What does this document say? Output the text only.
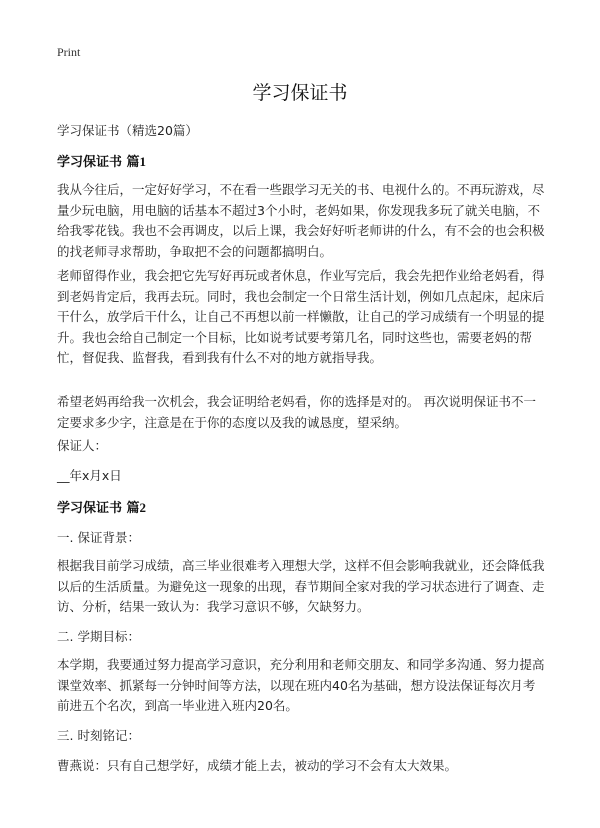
Print
学习保证书
学习保证书（精选20篇）
学习保证书 篇1

我从今往后，一定好好学习，不在看一些跟学习无关的书、电视什么的。不再玩游戏，尽量少玩电脑，用电脑的话基本不超过3个小时，老妈如果，你发现我多玩了就关电脑，不给我零花钱。我也不会再调皮，以后上课，我会好好听老师讲的什么，有不会的也会积极的找老师寻求帮助，争取把不会的问题都搞明白。

老师留得作业，我会把它先写好再玩或者休息，作业写完后，我会先把作业给老妈看，得到老妈肯定后，我再去玩。同时，我也会制定一个日常生活计划，例如几点起床，起床后干什么，放学后干什么，让自己不再想以前一样懒散，让自己的学习成绩有一个明显的提升。我也会给自己制定一个目标，比如说考试要考第几名，同时这些也，需要老妈的帮忙，督促我、监督我，看到我有什么不对的地方就指导我。

希望老妈再给我一次机会，我会证明给老妈看，你的选择是对的。 再次说明保证书不一定要求多少字，注意是在于你的态度以及我的诚恳度，望采纳。

保证人：
__年x月x日
学习保证书 篇2
一. 保证背景：

根据我目前学习成绩，高三毕业很难考入理想大学，这样不但会影响我就业，还会降低我以后的生活质量。为避免这一现象的出现，春节期间全家对我的学习状态进行了调查、走访、分析，结果一致认为：我学习意识不够，欠缺努力。

二. 学期目标：

本学期，我要通过努力提高学习意识，充分利用和老师交朋友、和同学多沟通、努力提高课堂效率、抓紧每一分钟时间等方法，以现在班内40名为基础，想方设法保证每次月考前进五个名次，到高一毕业进入班内20名。

三. 时刻铭记：

曹燕说：只有自己想学好，成绩才能上去，被动的学习不会有太大效果。
